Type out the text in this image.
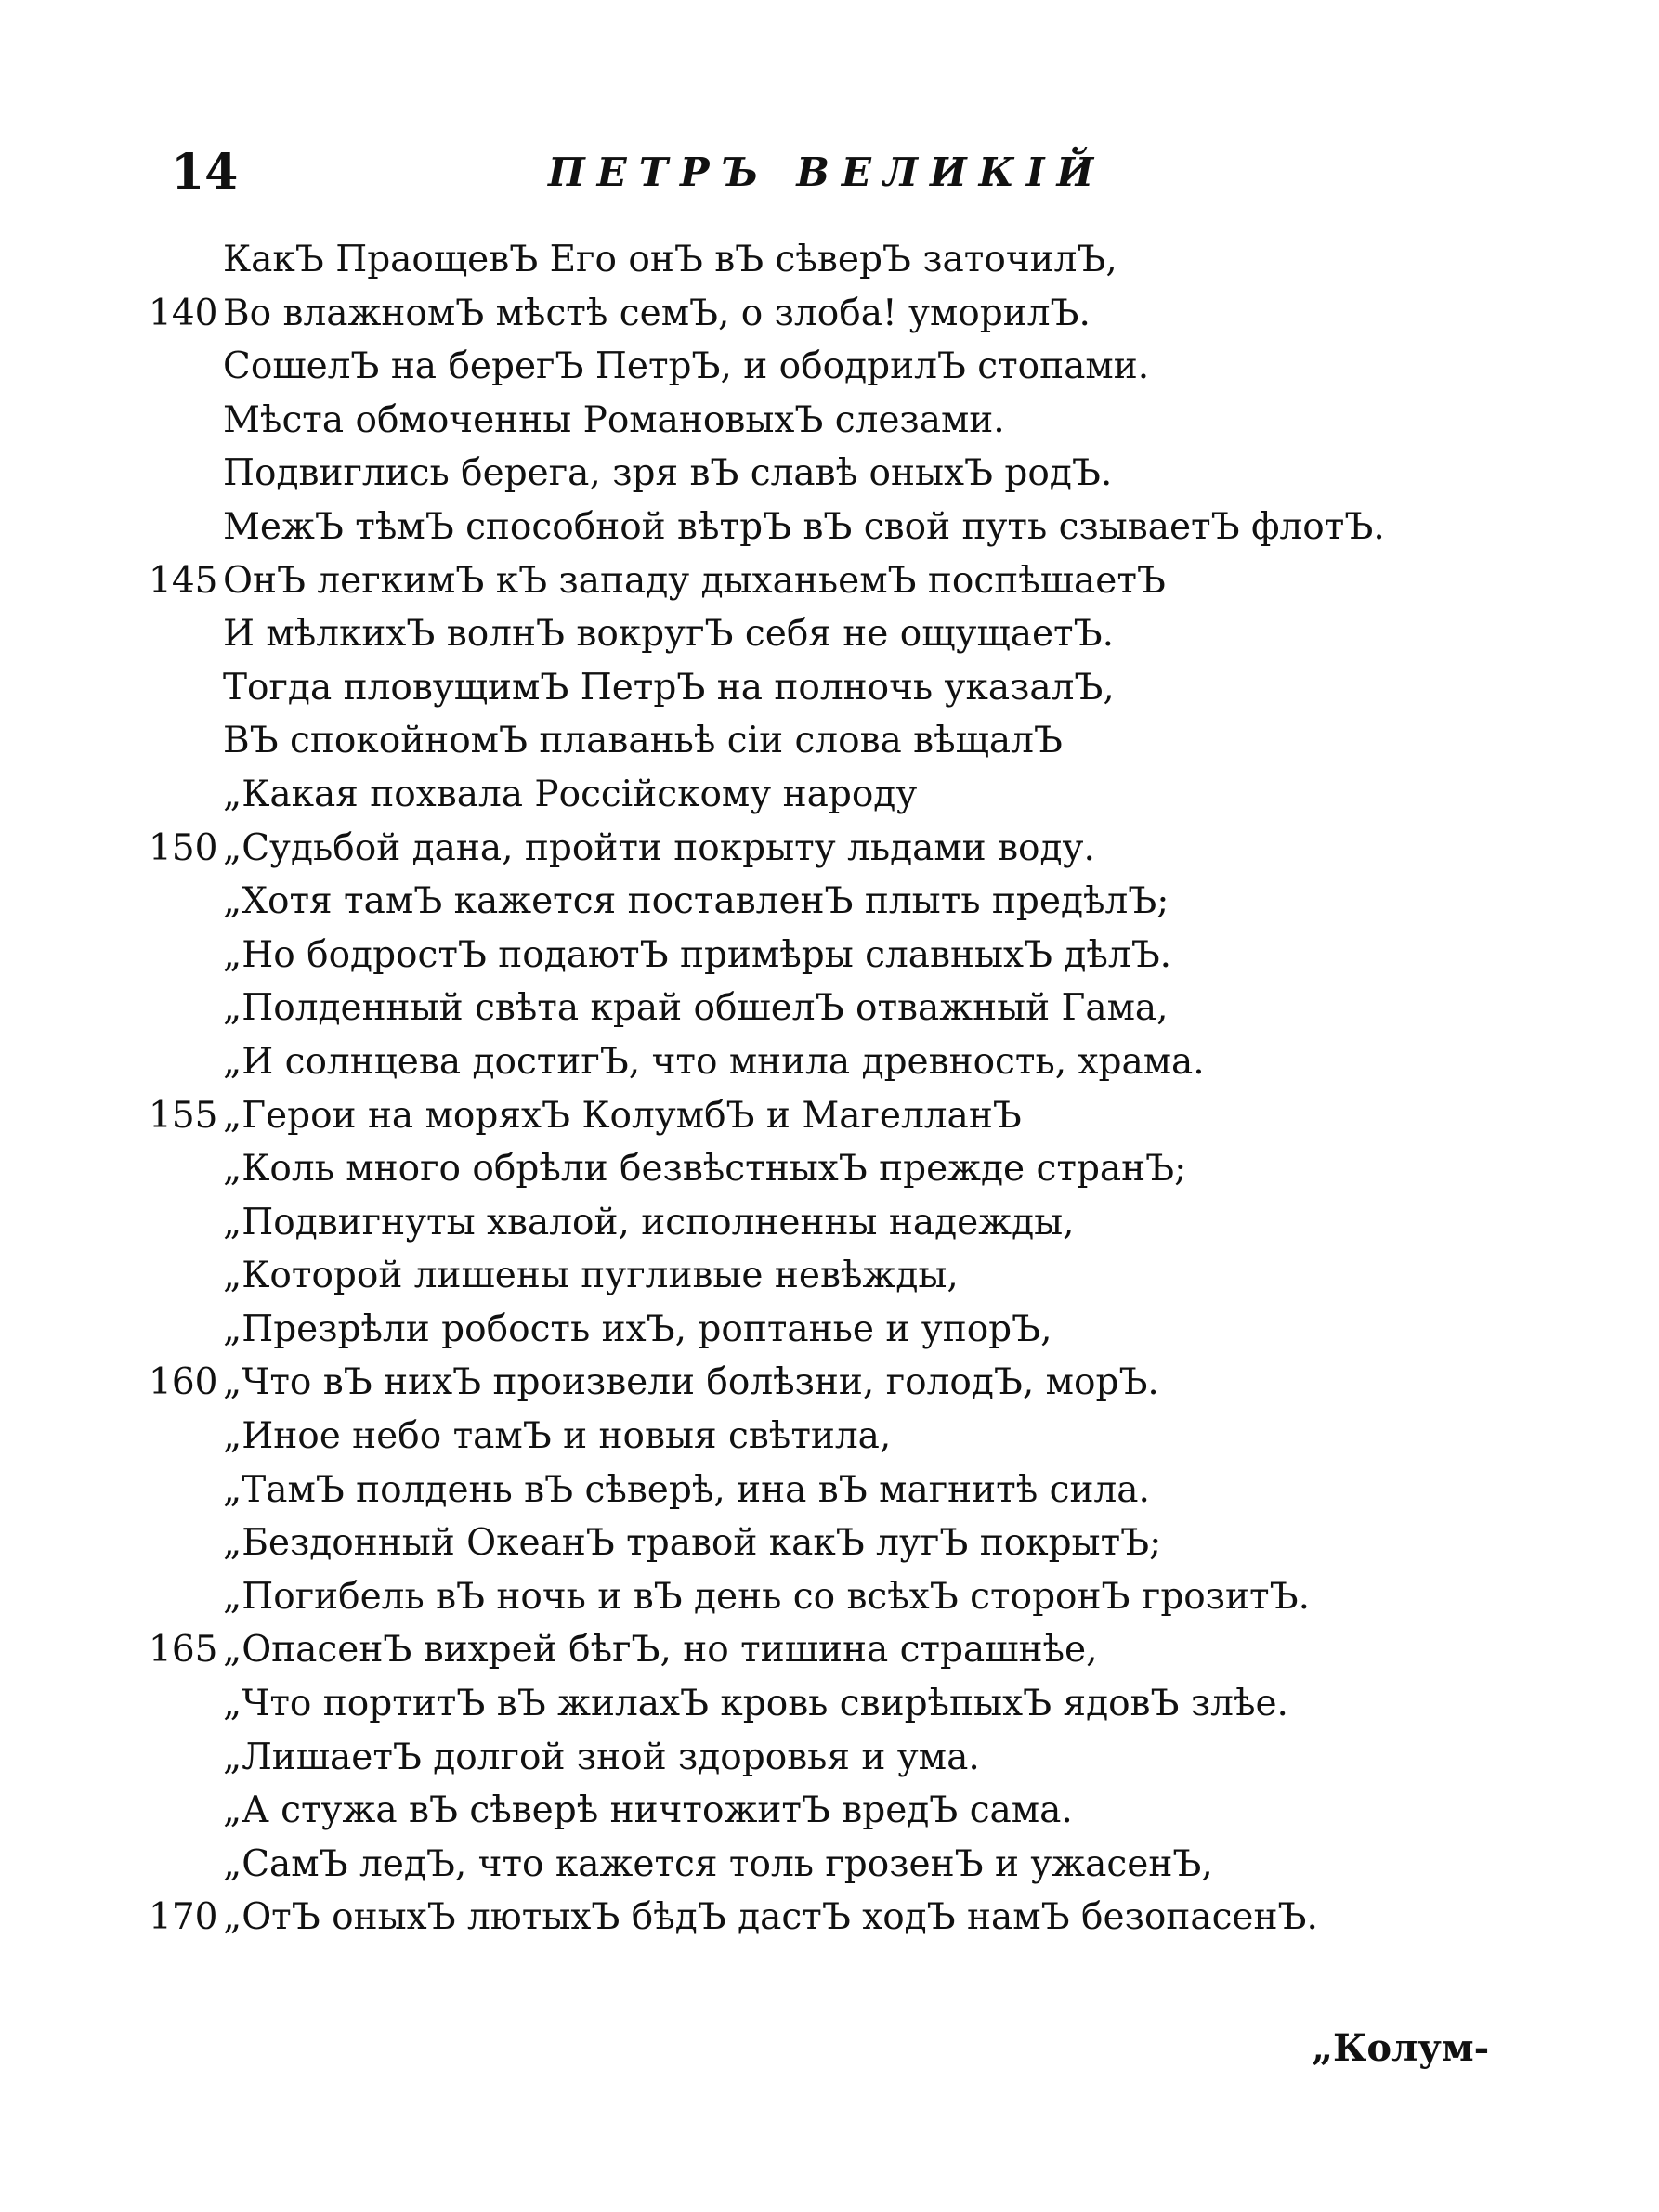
14	ПЕТРЪ ВЕЛИКІЙ
КакЪ ПраощевЪ Его онЪ вЪ сѣверЪ заточилЪ,
140 Во влажномЪ мѣстѣ семЪ, о злоба! уморилЪ.
СошелЪ на берегЪ ПетрЪ, и ободрилЪ стопами.
Мѣста обмоченны РомановыхЪ слезами.
Подвиглись берега, зря вЪ славѣ оныхЪ родЪ.
МежЪ тѣмЪ способной вѣтрЪ вЪ свой путь сзываетЪ флотЪ.
145 ОнЪ легкимЪ кЪ западу дыханьемЪ поспѣшаетЪ
И мѣлкихЪ волнЪ вокругЪ себя не ощущаетЪ.
Тогда пловущимЪ ПетрЪ на полночь указалЪ,
ВЪ спокойномЪ плаваньѣ сіи слова вѣщалЪ
„Какая похвала Россійскому народу
150 „Судьбой дана, пройти покрыту льдами воду.
„Хотя тамЪ кажется поставленЪ плыть предѣлЪ;
„Но бодростЪ подаютЪ примѣры славныхЪ дѣлЪ.
„Полденный свѣта край обшелЪ отважный Гама,
„И солнцева достигЪ, что мнила древность, храма.
155 „Герои на моряхЪ КолумбЪ и МагелланЪ
„Коль много обрѣли безвѣстныхЪ прежде странЪ;
„Подвигнуты хвалой, исполненны надежды,
„Которой лишены пугливые невѣжды,
„Презрѣли робость ихЪ, роптанье и упорЪ,
160 „Что вЪ нихЪ произвели болѣзни, голодЪ, морЪ.
„Иное небо тамЪ и новыя свѣтила,
„ТамЪ полдень вЪ сѣверѣ, ина вЪ магнитѣ сила.
„Бездонный ОкеанЪ травой какЪ лугЪ покрытЪ;
„Погибель вЪ ночь и вЪ день со всѣхЪ сторонЪ грозитЪ.
165 „ОпасенЪ вихрей бѣгЪ, но тишина страшнѣе,
„Что портитЪ вЪ жилахЪ кровь свирѣпыхЪ ядовЪ злѣе.
„ЛишаетЪ долгой зной здоровья и ума.
„А стужа вЪ сѣверѣ ничтожитЪ вредЪ сама.
„СамЪ ледЪ, что кажется толь грозенЪ и ужасенЪ,
170 „ОтЪ оныхЪ лютыхЪ бѣдЪ дастЪ ходЪ намЪ безопасенЪ.
„Колум-
